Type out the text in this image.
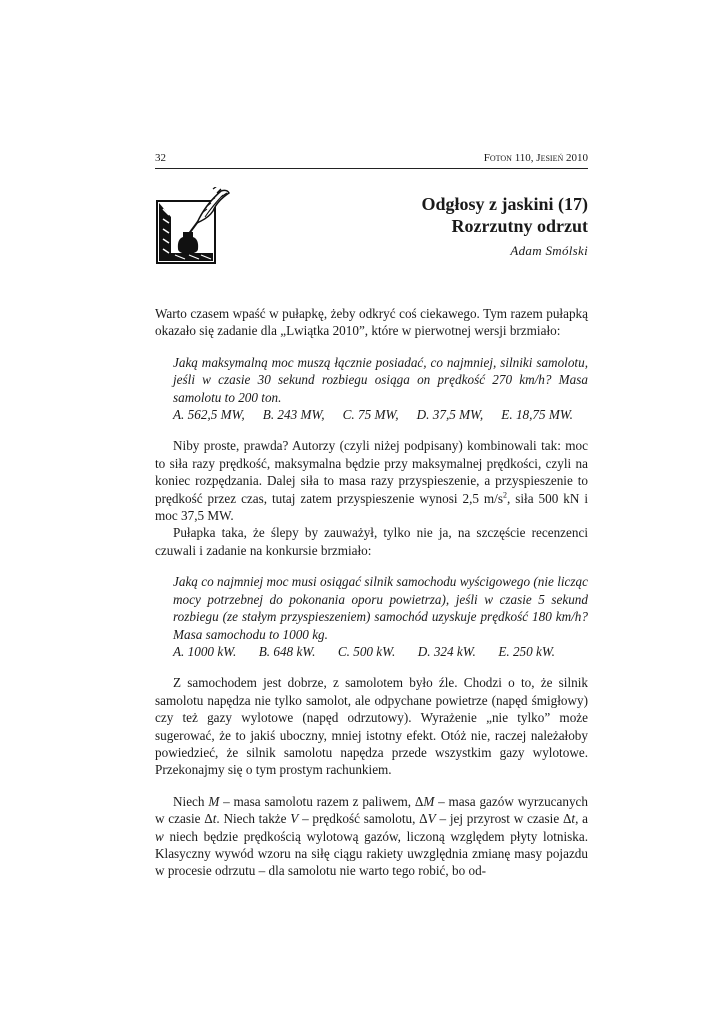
32	Foton 110, Jesień 2010
Odgłosy z jaskini (17)
Rozrzutny odrzut
Adam Smólski

Warto czasem wpaść w pułapkę, żeby odkryć coś ciekawego. Tym razem pułapką okazało się zadanie dla „Lwiątka 2010”, które w pierwotnej wersji brzmiało:

Jaką maksymalną moc muszą łącznie posiadać, co najmniej, silniki samolotu, jeśli w czasie 30 sekund rozbiegu osiąga on prędkość 270 km/h? Masa samolotu to 200 ton.

A. 562,5 MW, B. 243 MW, C. 75 MW, D. 37,5 MW, E. 18,75 MW.

Niby proste, prawda? Autorzy (czyli niżej podpisany) kombinowali tak: moc to siła razy prędkość, maksymalna będzie przy maksymalnej prędkości, czyli na koniec rozpędzania. Dalej siła to masa razy przyspieszenie, a przyspieszenie to prędkość przez czas, tutaj zatem przyspieszenie wynosi 2,5 $m/s^2$, siła 500 kN i moc 37,5 MW.

Pułapka taka, że ślepy by zauważył, tylko nie ja, na szczęście recenzenci czuwali i zadanie na konkursie brzmiało:

Jaką co najmniej moc musi osiągać silnik samochodu wyścigowego (nie licząc mocy potrzebnej do pokonania oporu powietrza), jeśli w czasie 5 sekund rozbiegu (ze stałym przyspieszeniem) samochód uzyskuje prędkość 180 km/h? Masa samochodu to 1000 kg.

A. 1000 kW. B. 648 kW. C. 500 kW. D. 324 kW. E. 250 kW.

Z samochodem jest dobrze, z samolotem było źle. Chodzi o to, że silnik samolotu napędza nie tylko samolot, ale odpychane powietrze (napęd śmigłowy) czy też gazy wylotowe (napęd odrzutowy). Wyrażenie „nie tylko” może sugerować, że to jakiś uboczny, mniej istotny efekt. Otóż nie, raczej należałoby powiedzieć, że silnik samolotu napędza przede wszystkim gazy wylotowe. Przekonajmy się o tym prostym rachunkiem.

Niech M – masa samolotu razem z paliwem, ΔM – masa gazów wyrzucanych w czasie Δt. Niech także V – prędkość samolotu, ΔV – jej przyrost w czasie Δt, a w niech będzie prędkością wylotową gazów, liczoną względem płyty lotniska. Klasyczny wywód wzoru na siłę ciągu rakiety uwzględnia zmianę masy pojazdu w procesie odrzutu – dla samolotu nie warto tego robić, bo od-
